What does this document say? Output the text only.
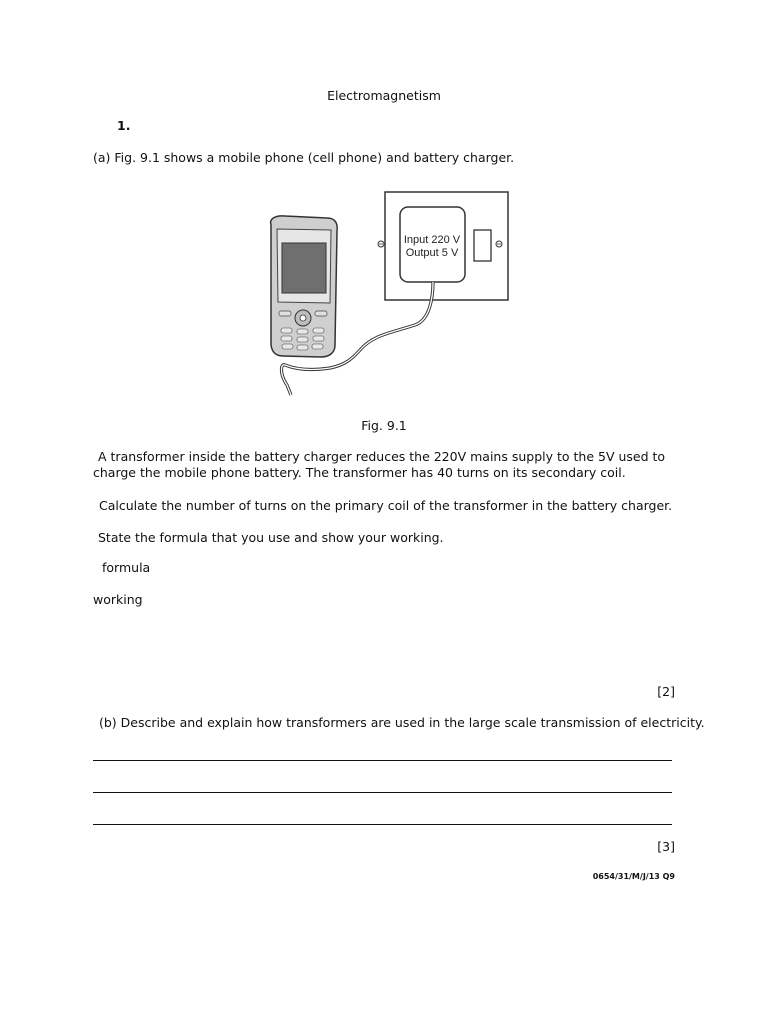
Electromagnetism
1.
(a) Fig. 9.1 shows a mobile phone (cell phone) and battery charger.
Input 220 V
Output 5 V
Fig. 9.1
A transformer inside the battery charger reduces the 220V mains supply to the 5V used to charge the mobile phone battery. The transformer has 40 turns on its secondary coil.
Calculate the number of turns on the primary coil of the transformer in the battery charger.
State the formula that you use and show your working.
formula
working
[2]
(b) Describe and explain how transformers are used in the large scale transmission of electricity.
[3]
0654/31/M/J/13 Q9
